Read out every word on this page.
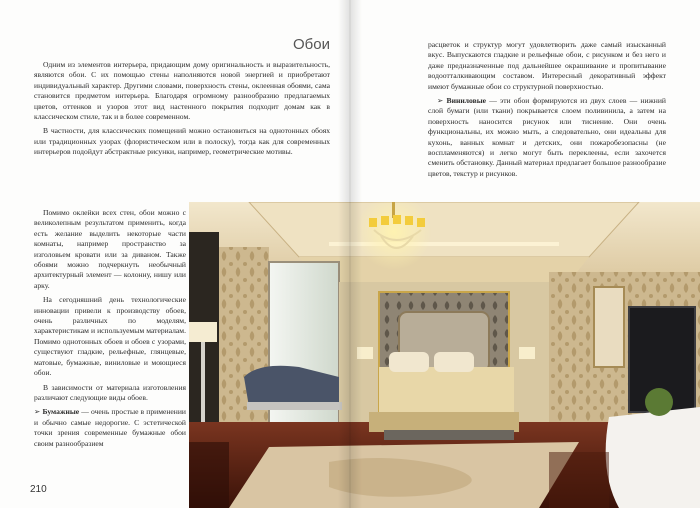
Обои

Одним из элементов интерьера, придающим дому оригинальность и выразительность, являются обои. С их помощью стены наполняются новой энергией и приобретают индивидуальный характер. Другими словами, поверхность стены, оклеенная обоями, сама становится предметом интерьера. Благодаря огромному разнообразию предлагаемых цветов, оттенков и узоров этот вид настенного покрытия подходит домам как в классическом стиле, так и в более современном.

В частности, для классических помещений можно остановиться на однотонных обоях или традиционных узорах (флористическом или в полоску), тогда как для современных интерьеров подойдут абстрактные рисунки, например, геометрические мотивы.

Помимо оклейки всех стен, обои можно с великолепным результатом применить, когда есть желание выделить некоторые части комнаты, например пространство за изголовьем кровати или за диваном. Также обоями можно подчеркнуть необычный архитектурный элемент — колонну, нишу или арку.

На сегодняшний день технологические инновации привели к производству обоев, очень различных по моделям, характеристикам и используемым материалам. Помимо однотонных обоев и обоев с узорами, существуют гладкие, рельефные, глянцевые, матовые, бумажные, виниловые и моющиеся обои.

В зависимости от материала изготовления различают следующие виды обоев.

➢ Бумажные — очень простые в применении и обычно самые недорогие. С эстетической точки зрения современные бумажные обои своим разнообразием

расцветок и структур могут удовлетворить даже самый изысканный вкус. Выпускаются гладкие и рельефные обои, с рисунком и без него и даже предназначенные под дальнейшее окрашивание и пропитывание водоотталкивающим составом. Интересный декоративный эффект имеют бумажные обои со структурной поверхностью.

➢ Виниловые — эти обои формируются из двух слоев — нижний слой бумаги (или ткани) покрывается слоем поливинила, а затем на поверхность наносится рисунок или тиснение. Они очень функциональны, их можно мыть, а следовательно, они идеальны для кухонь, ванных комнат и детских, они пожаробезопасны (не воспламеняются) и легко могут быть переклеены, если захочется сменить обстановку. Данный материал предлагает большое разнообразие цветов, текстур и рисунков.

210
